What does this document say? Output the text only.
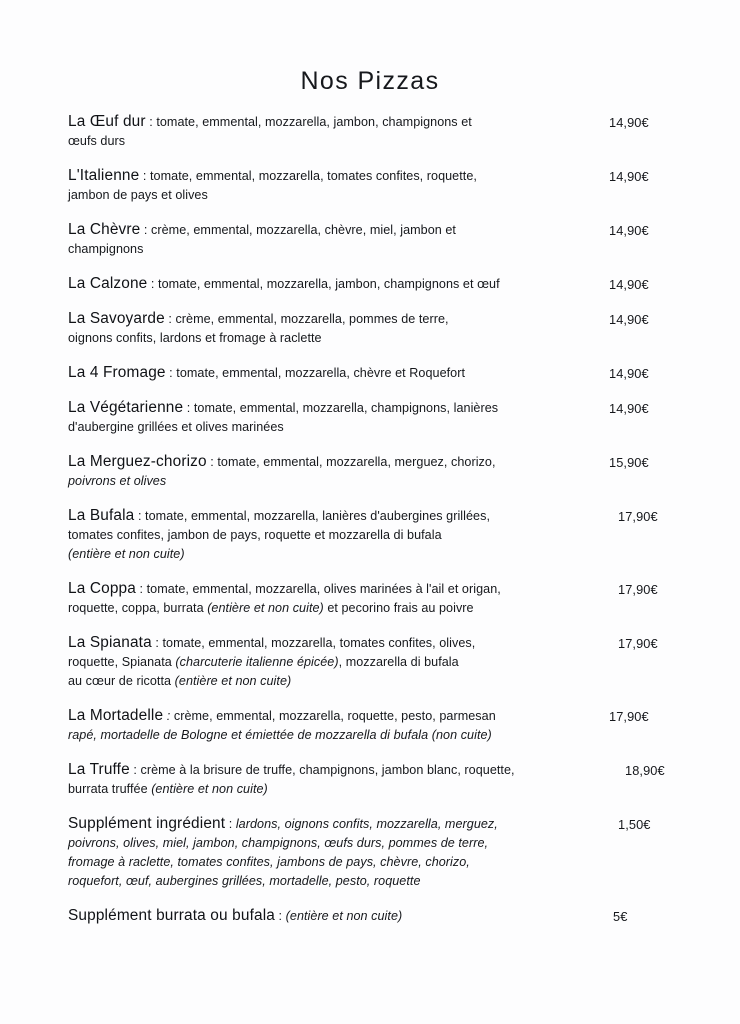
Nos Pizzas
La Œuf dur : tomate, emmental, mozzarella, jambon, champignons et
œufs durs
14,90€
L'Italienne : tomate, emmental, mozzarella, tomates confites, roquette,
jambon de pays et olives
14,90€
La Chèvre : crème, emmental, mozzarella, chèvre, miel, jambon et
champignons
14,90€
La Calzone : tomate, emmental, mozzarella, jambon, champignons et œuf	14,90€
La Savoyarde : crème, emmental, mozzarella, pommes de terre,
oignons confits, lardons et fromage à raclette
14,90€
La 4 Fromage : tomate, emmental, mozzarella, chèvre et Roquefort	14,90€
La Végétarienne : tomate, emmental, mozzarella, champignons, lanières
d'aubergine grillées et olives marinées
14,90€
La Merguez-chorizo : tomate, emmental, mozzarella, merguez, chorizo,
poivrons et olives
15,90€
La Bufala : tomate, emmental, mozzarella, lanières d'aubergines grillées,
tomates confites, jambon de pays, roquette et mozzarella di bufala
(entière et non cuite)
17,90€
La Coppa : tomate, emmental, mozzarella, olives marinées à l'ail et origan,
roquette, coppa, burrata (entière et non cuite) et pecorino frais au poivre
17,90€
La Spianata : tomate, emmental, mozzarella, tomates confites, olives,
roquette, Spianata (charcuterie italienne épicée), mozzarella di bufala
au cœur de ricotta (entière et non cuite)
17,90€
La Mortadelle : crème, emmental, mozzarella, roquette, pesto, parmesan
rapé, mortadelle de Bologne et émiettée de mozzarella di bufala (non cuite)
17,90€
La Truffe : crème à la brisure de truffe, champignons, jambon blanc, roquette,
burrata truffée (entière et non cuite)
18,90€
Supplément ingrédient : lardons, oignons confits, mozzarella, merguez,
poivrons, olives, miel, jambon, champignons, œufs durs, pommes de terre,
fromage à raclette, tomates confites, jambons de pays, chèvre, chorizo,
roquefort, œuf, aubergines grillées, mortadelle, pesto, roquette
1,50€
Supplément burrata ou bufala : (entière et non cuite)	5€
